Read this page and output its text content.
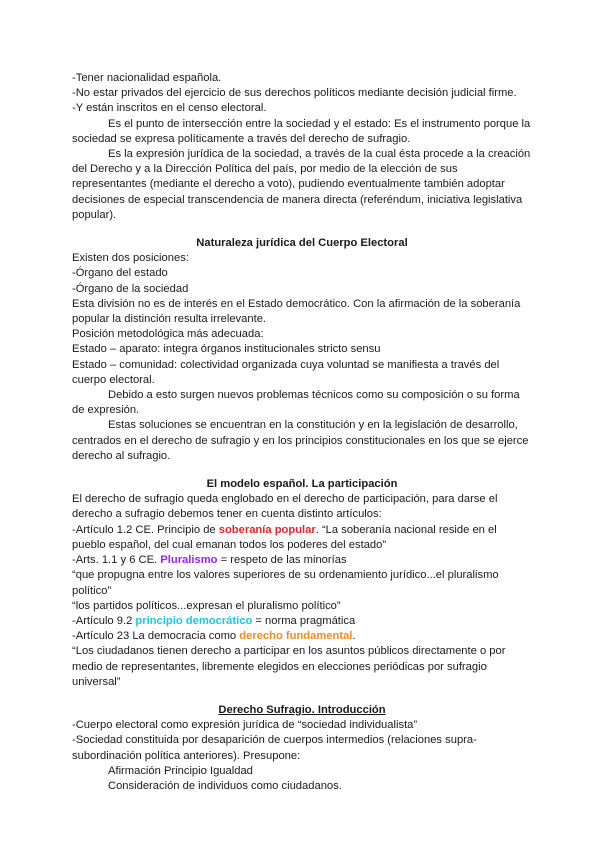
-Tener nacionalidad española.
-No estar privados del ejercicio de sus derechos políticos mediante decisión judicial firme.
-Y están inscritos en el censo electoral.
Es el punto de intersección entre la sociedad y el estado: Es el instrumento porque la
sociedad se expresa políticamente a través del derecho de sufragio.
Es la expresión jurídica de la sociedad, a través de la cual ésta procede a la creación
del Derecho y a la Dirección Política del país, por medio de la elección de sus
representantes (mediante el derecho a voto), pudiendo eventualmente también adoptar
decisiones de especial transcendencia de manera directa (referéndum, iniciativa legislativa
popular).
Naturaleza jurídica del Cuerpo Electoral
Existen dos posiciones:
-Órgano del estado
-Órgano de la sociedad
Esta división no es de interés en el Estado democrático. Con la afirmación de la soberanía
popular la distinción resulta irrelevante.
Posición metodológica más adecuada:
Estado – aparato: integra órganos institucionales stricto sensu
Estado – comunidad: colectividad organizada cuya voluntad se manifiesta a través del
cuerpo electoral.
Debido a esto surgen nuevos problemas técnicos como su composición o su forma
de expresión.
Estas soluciones se encuentran en la constitución y en la legislación de desarrollo,
centrados en el derecho de sufragio y en los principios constitucionales en los que se ejerce
derecho al sufragio.
El modelo español. La participación
El derecho de sufragio queda englobado en el derecho de participación, para darse el
derecho a sufragio debemos tener en cuenta distinto artículos:
-Artículo 1.2 CE. Principio de soberanía popular. “La soberanía nacional reside en el
pueblo español, del cual emanan todos los poderes del estado”
-Arts. 1.1 y 6 CE. Pluralismo = respeto de las minorías
“que propugna entre los valores superiores de su ordenamiento jurídico...el pluralismo
político”
“los partidos políticos...expresan el pluralismo político”
-Artículo 9.2 principio democrático = norma pragmática
-Artículo 23 La democracia como derecho fundamental.
“Los ciudadanos tienen derecho a participar en los asuntos públicos directamente o por
medio de representantes, libremente elegidos en elecciones periódicas por sufragio
universal”
Derecho Sufragio. Introducción
-Cuerpo electoral como expresión jurídica de “sociedad individualista”
-Sociedad constituida por desaparición de cuerpos intermedios (relaciones supra-
subordinación política anteriores). Presupone:
Afirmación Principio Igualdad
Consideración de individuos como ciudadanos.
